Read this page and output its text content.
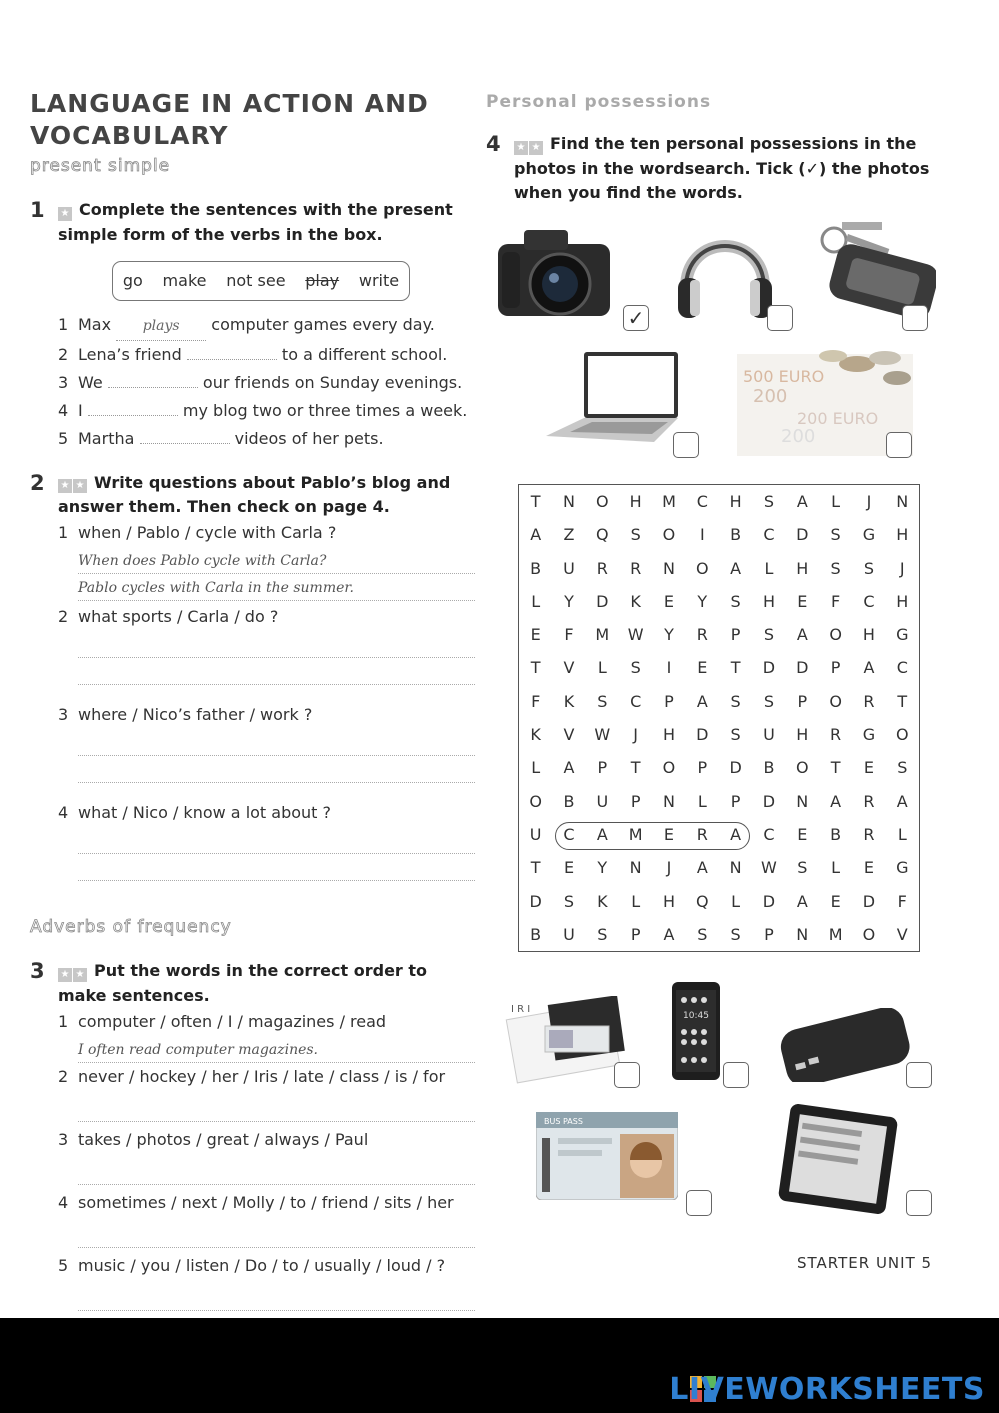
LANGUAGE IN ACTION AND
VOCABULARY

present simple

1 ★ Complete the sentences with the present simple form of the verbs in the box.
go make not see play write
1 Max plays computer games every day.
2 Lena’s friend	to a different school.
3 We	our friends on Sunday evenings.
4 I	my blog two or three times a week.
5 Martha	videos of her pets.
2 ★ ★ Write questions about Pablo’s blog and answer them. Then check on page 4.
1 when / Pablo / cycle with Carla ?
When does Pablo cycle with Carla?
Pablo cycles with Carla in the summer.
2 what sports / Carla / do ?
3 where / Nico’s father / work ?
4 what / Nico / know a lot about ?

Adverbs of frequency

3 ★ ★ Put the words in the correct order to make sentences.
1 computer / often / I / magazines / read
I often read computer magazines.
2 never / hockey / her / Iris / late / class / is / for
3 takes / photos / great / always / Paul
4 sometimes / next / Molly / to / friend / sits / her
5 music / you / listen / Do / to / usually / loud / ?

Personal possessions

4 ★ ★ Find the ten personal possessions in the photos in the wordsearch. Tick (✓) the photos when you find the words.
✓
500 EURO
200
200 EURO
200
T	N	O	H	M	C	H	S	A	L	J	N
A	Z	Q	S	O	I	B	C	D	S	G	H
B	U	R	R	N	O	A	L	H	S	S	J
L	Y	D	K	E	Y	S	H	E	F	C	H
E	F	M	W	Y	R	P	S	A	O	H	G
T	V	L	S	I	E	T	D	D	P	A	C
F	K	S	C	P	A	S	S	P	O	R	T
K	V	W	J	H	D	S	U	H	R	G	O
L	A	P	T	O	P	D	B	O	T	E	S
O	B	U	P	N	L	P	D	N	A	R	A
U	C	A	M	E	R	A	C	E	B	R	L
T	E	Y	N	J	A	N	W	S	L	E	G
D	S	K	L	H	Q	L	D	A	E	D	F
B	U	S	P	A	S	S	P	N	M	O	V
I R I
10:45
BUS PASS
STARTER UNIT 5
LIVEWORKSHEETS
